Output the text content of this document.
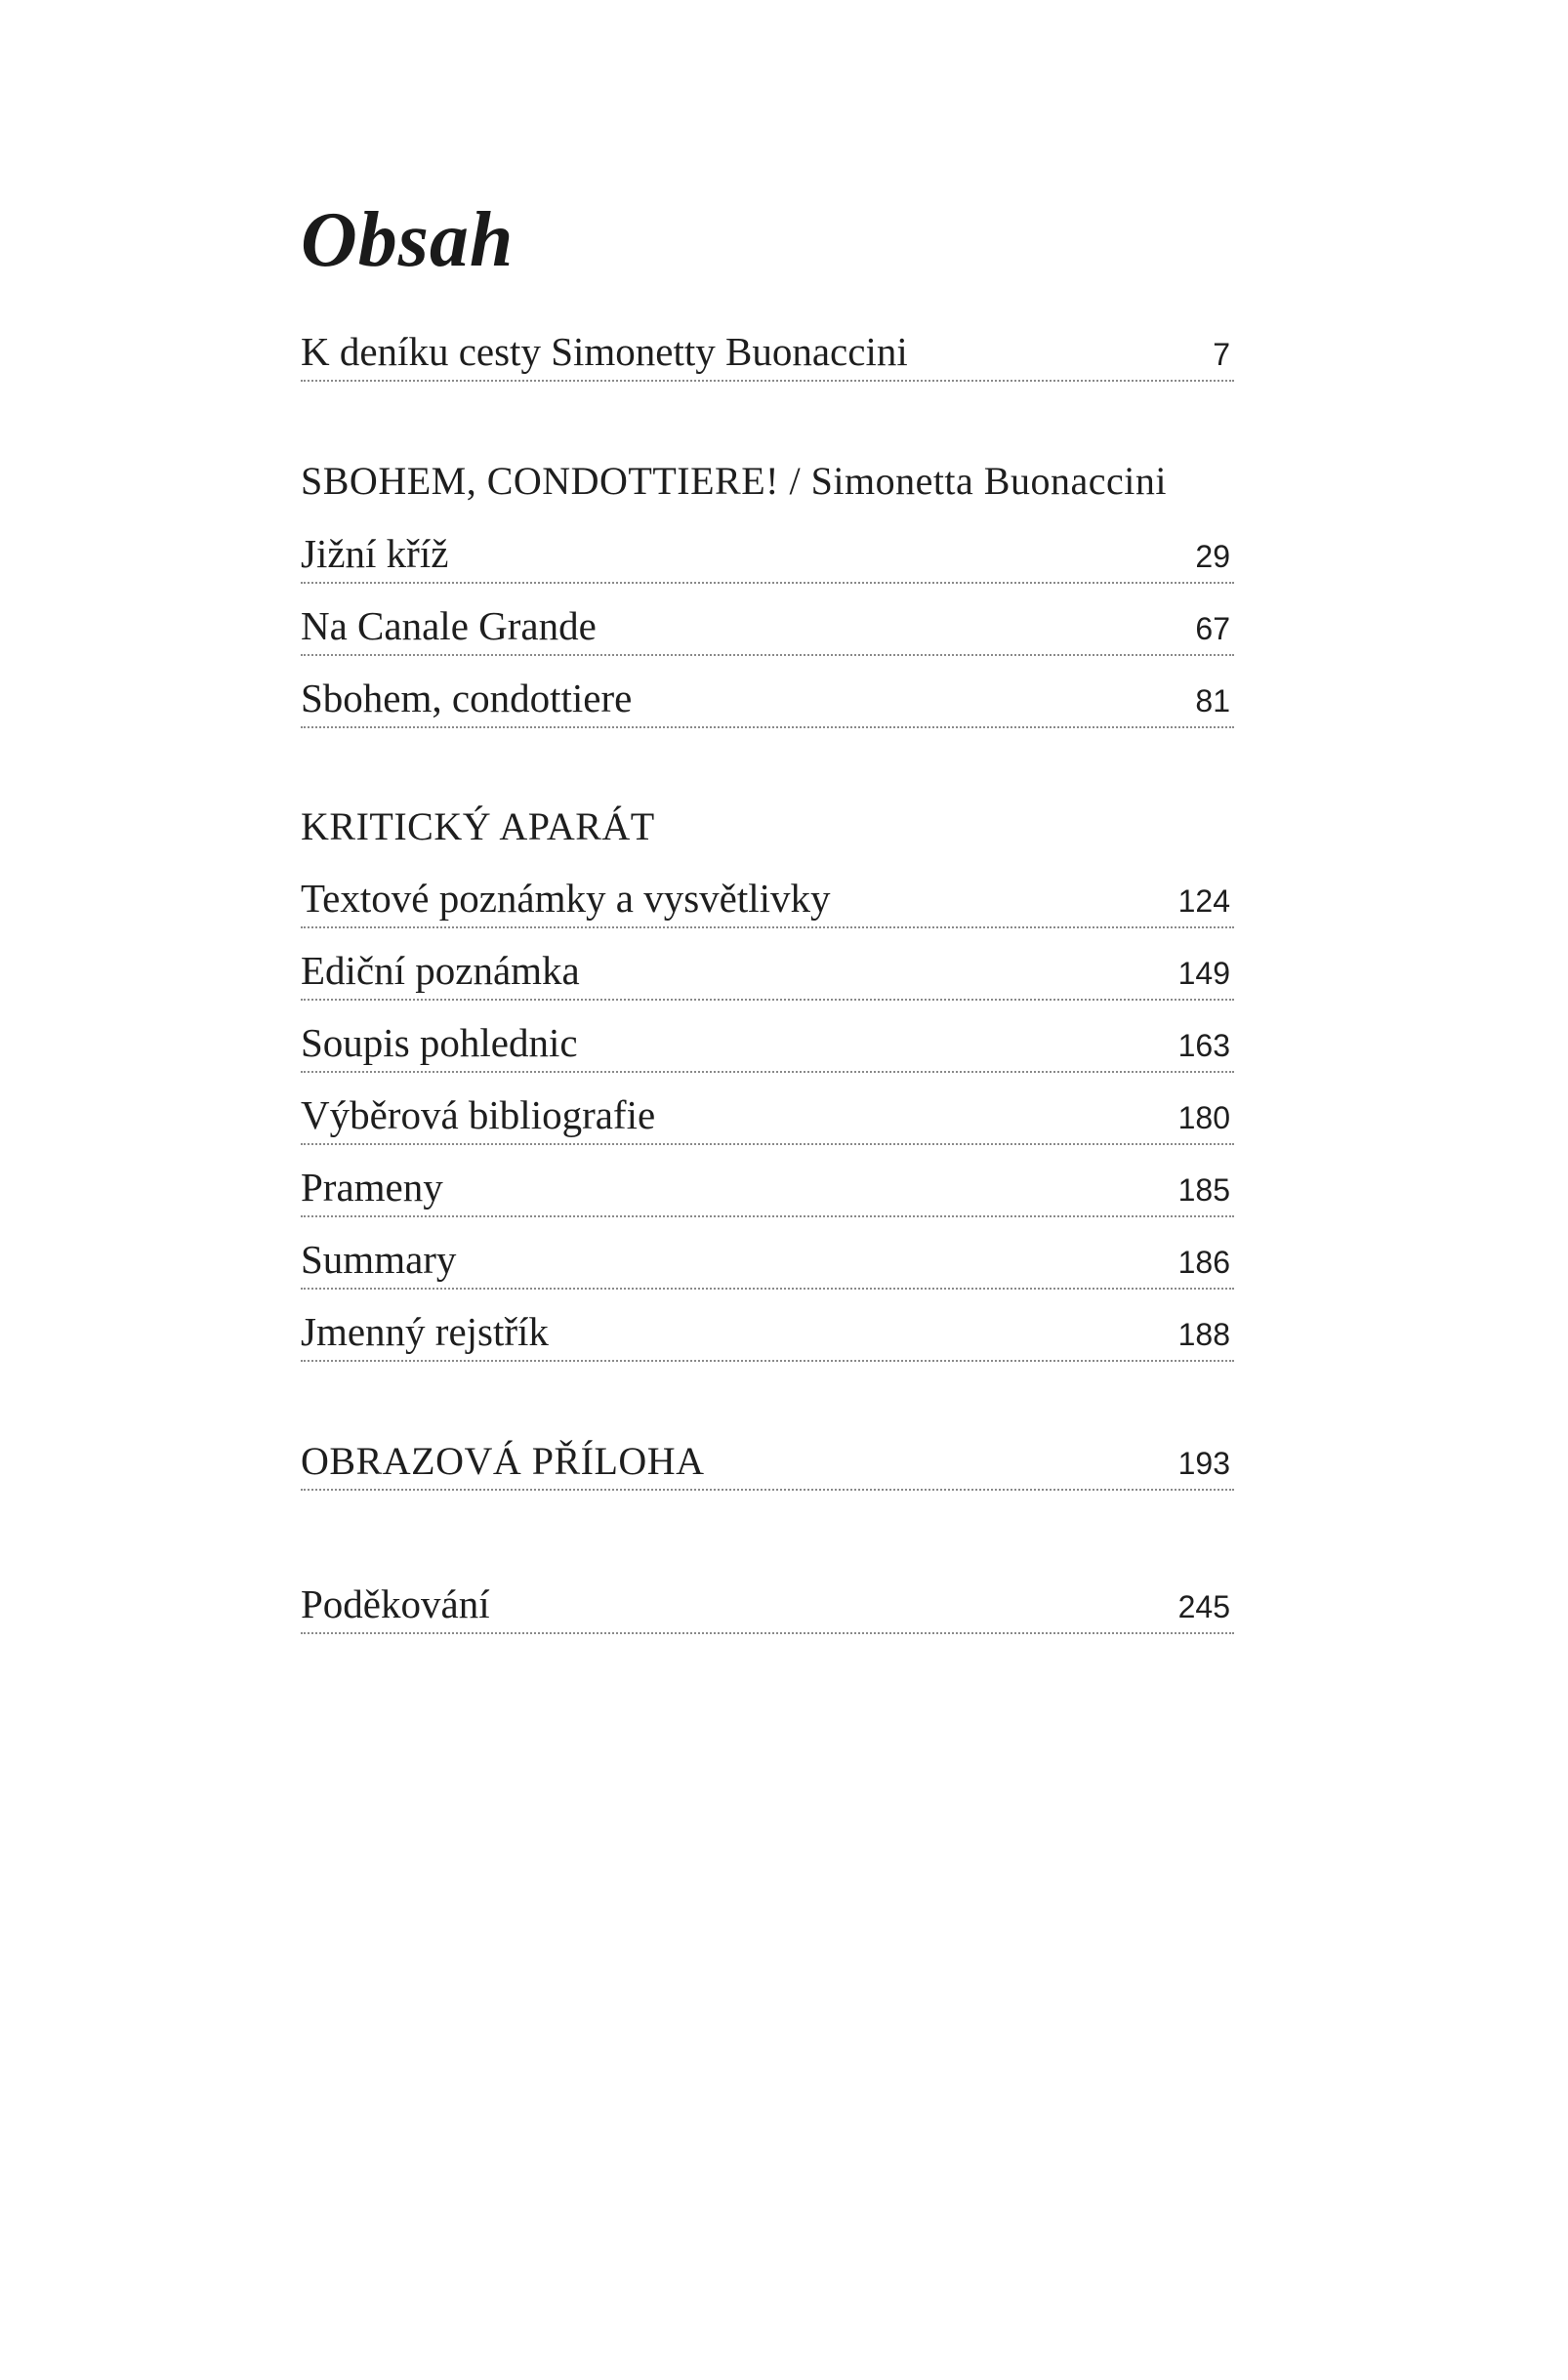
Obsah
K deníku cesty Simonetty Buonaccini	7
SBOHEM, CONDOTTIERE! / Simonetta Buonaccini
Jižní kříž	29
Na Canale Grande	67
Sbohem, condottiere	81
KRITICKÝ APARÁT
Textové poznámky a vysvětlivky	124
Ediční poznámka	149
Soupis pohlednic	163
Výběrová bibliografie	180
Prameny	185
Summary	186
Jmenný rejstřík	188
OBRAZOVÁ PŘÍLOHA	193
Poděkování	245
